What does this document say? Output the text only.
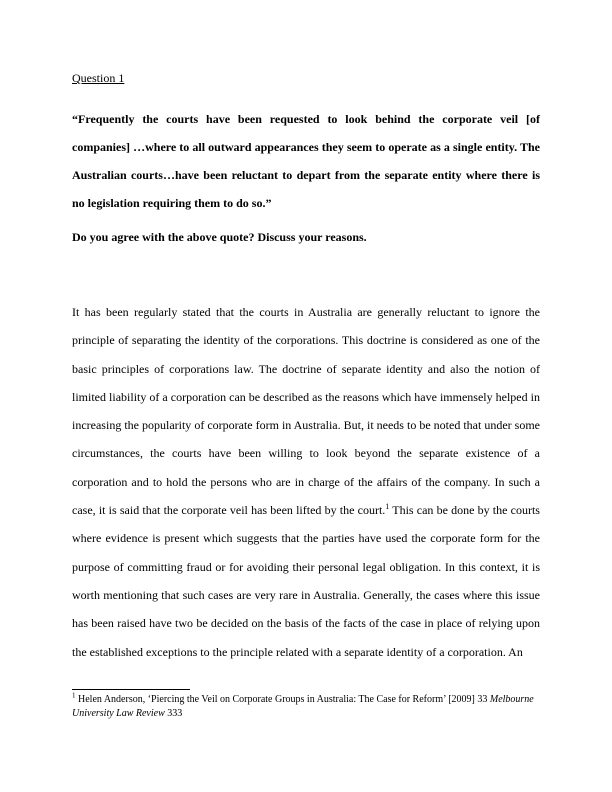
Question 1

“Frequently the courts have been requested to look behind the corporate veil [of companies] …where to all outward appearances they seem to operate as a single entity. The Australian courts…have been reluctant to depart from the separate entity where there is no legislation requiring them to do so.”

Do you agree with the above quote? Discuss your reasons.

It has been regularly stated that the courts in Australia are generally reluctant to ignore the principle of separating the identity of the corporations. This doctrine is considered as one of the basic principles of corporations law. The doctrine of separate identity and also the notion of limited liability of a corporation can be described as the reasons which have immensely helped in increasing the popularity of corporate form in Australia. But, it needs to be noted that under some circumstances, the courts have been willing to look beyond the separate existence of a corporation and to hold the persons who are in charge of the affairs of the company. In such a case, it is said that the corporate veil has been lifted by the court.$^1$ This can be done by the courts where evidence is present which suggests that the parties have used the corporate form for the purpose of committing fraud or for avoiding their personal legal obligation. In this context, it is worth mentioning that such cases are very rare in Australia. Generally, the cases where this issue has been raised have two be decided on the basis of the facts of the case in place of relying upon the established exceptions to the principle related with a separate identity of a corporation. An

$^1$ Helen Anderson, ‘Piercing the Veil on Corporate Groups in Australia: The Case for Reform’ [2009] 33 Melbourne University Law Review 333
